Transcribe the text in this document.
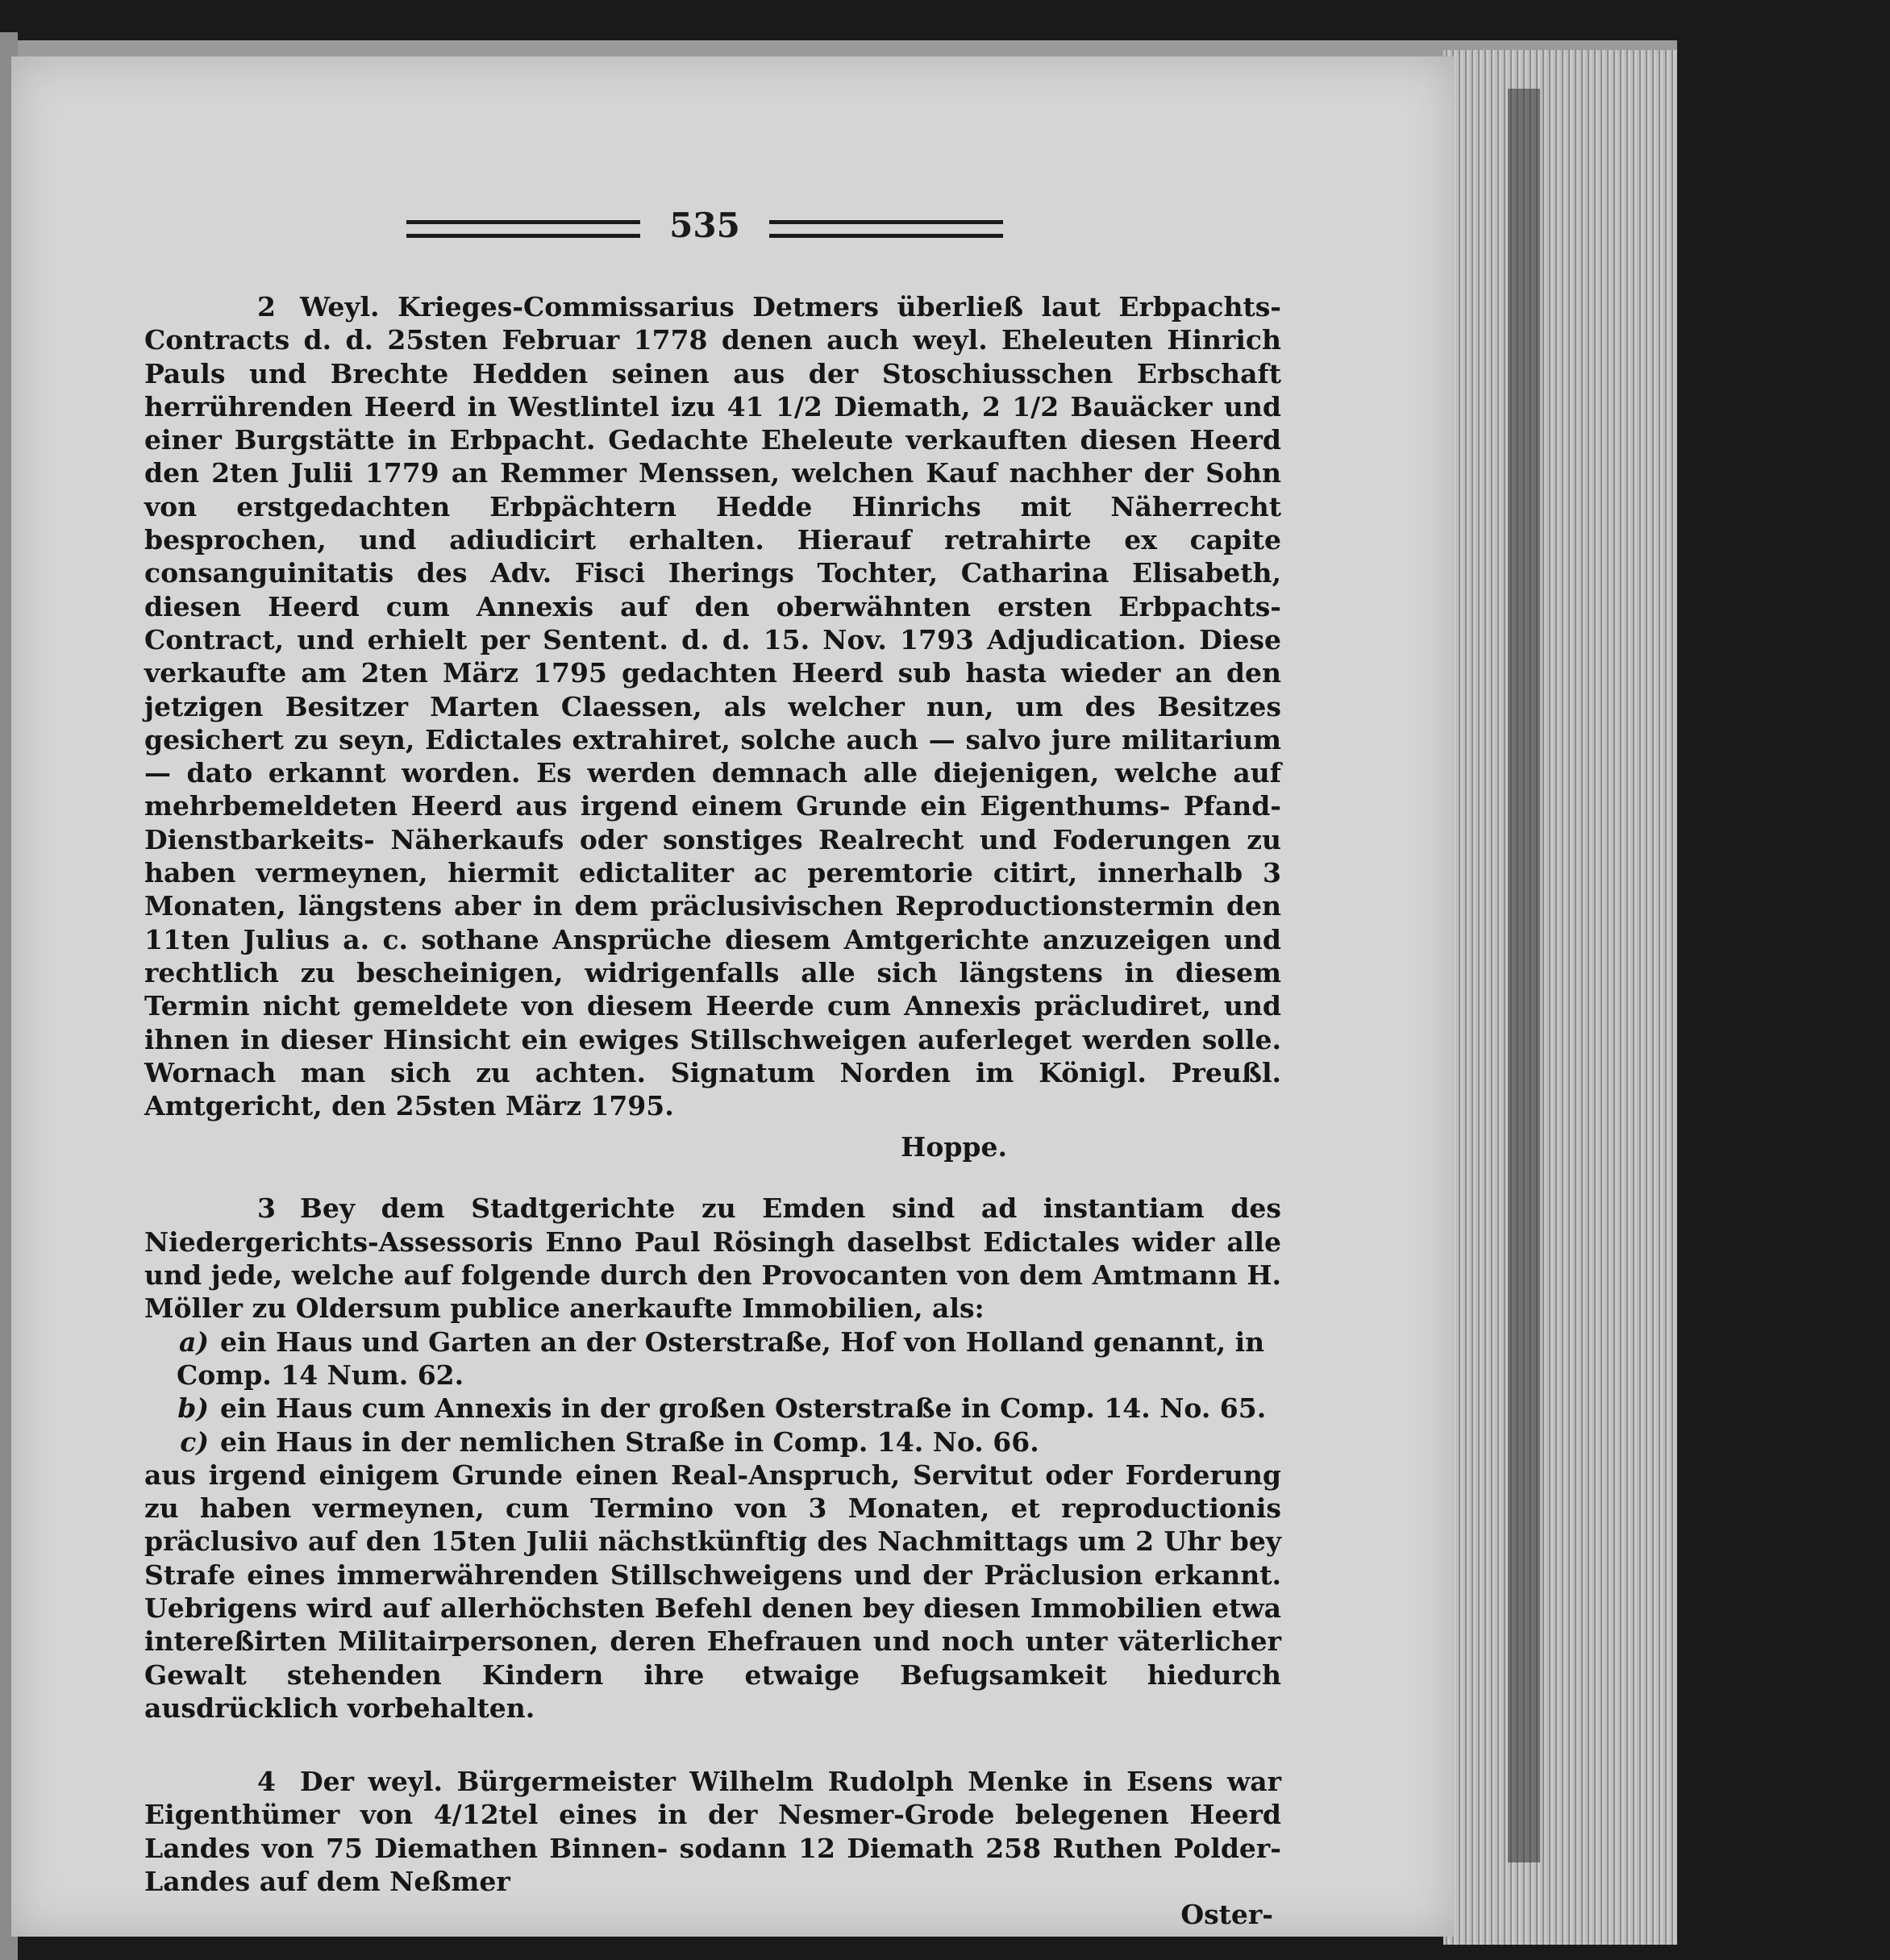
535

2 Weyl. Krieges-Commissarius Detmers überließ laut Erbpachts-Contracts d. d. 25sten Februar 1778 denen auch weyl. Eheleuten Hinrich Pauls und Brechte Hedden seinen aus der Stoschiusschen Erbschaft herrührenden Heerd in Westlintel izu 41 1/2 Diemath, 2 1/2 Bauäcker und einer Burgstätte in Erbpacht. Gedachte Eheleute verkauften diesen Heerd den 2ten Julii 1779 an Remmer Menssen, welchen Kauf nachher der Sohn von erstgedachten Erbpächtern Hedde Hinrichs mit Näherrecht besprochen, und adiudicirt erhalten. Hierauf retrahirte ex capite consanguinitatis des Adv. Fisci Iherings Tochter, Catharina Elisabeth, diesen Heerd cum Annexis auf den oberwähnten ersten Erbpachts-Contract, und erhielt per Sentent. d. d. 15. Nov. 1793 Adjudication. Diese verkaufte am 2ten März 1795 gedachten Heerd sub hasta wieder an den jetzigen Besitzer Marten Claessen, als welcher nun, um des Besitzes gesichert zu seyn, Edictales extrahiret, solche auch — salvo jure militarium — dato erkannt worden. Es werden demnach alle diejenigen, welche auf mehrbemeldeten Heerd aus irgend einem Grunde ein Eigenthums- Pfand- Dienstbarkeits- Näherkaufs oder sonstiges Realrecht und Foderungen zu haben vermeynen, hiermit edictaliter ac peremtorie citirt, innerhalb 3 Monaten, längstens aber in dem präclusivischen Reproductionstermin den 11ten Julius a. c. sothane Ansprüche diesem Amtgerichte anzuzeigen und rechtlich zu bescheinigen, widrigenfalls alle sich längstens in diesem Termin nicht gemeldete von diesem Heerde cum Annexis präcludiret, und ihnen in dieser Hinsicht ein ewiges Stillschweigen auferleget werden solle. Wornach man sich zu achten. Signatum Norden im Königl. Preußl. Amtgericht, den 25sten März 1795.

Hoppe.

3 Bey dem Stadtgerichte zu Emden sind ad instantiam des Niedergerichts-Assessoris Enno Paul Rösingh daselbst Edictales wider alle und jede, welche auf folgende durch den Provocanten von dem Amtmann H. Möller zu Oldersum publice anerkaufte Immobilien, als:

a) ein Haus und Garten an der Osterstraße, Hof von Holland genannt, in Comp. 14 Num. 62.
b) ein Haus cum Annexis in der großen Osterstraße in Comp. 14. No. 65.
c) ein Haus in der nemlichen Straße in Comp. 14. No. 66.

aus irgend einigem Grunde einen Real-Anspruch, Servitut oder Forderung zu haben vermeynen, cum Termino von 3 Monaten, et reproductionis präclusivo auf den 15ten Julii nächstkünftig des Nachmittags um 2 Uhr bey Strafe eines immerwährenden Stillschweigens und der Präclusion erkannt. Uebrigens wird auf allerhöchsten Befehl denen bey diesen Immobilien etwa intereßirten Militairpersonen, deren Ehefrauen und noch unter väterlicher Gewalt stehenden Kindern ihre etwaige Befugsamkeit hiedurch ausdrücklich vorbehalten.

4 Der weyl. Bürgermeister Wilhelm Rudolph Menke in Esens war Eigenthümer von 4/12tel eines in der Nesmer-Grode belegenen Heerd Landes von 75 Diemathen Binnen- sodann 12 Diemath 258 Ruthen Polder-Landes auf dem Neßmer

Oster-
